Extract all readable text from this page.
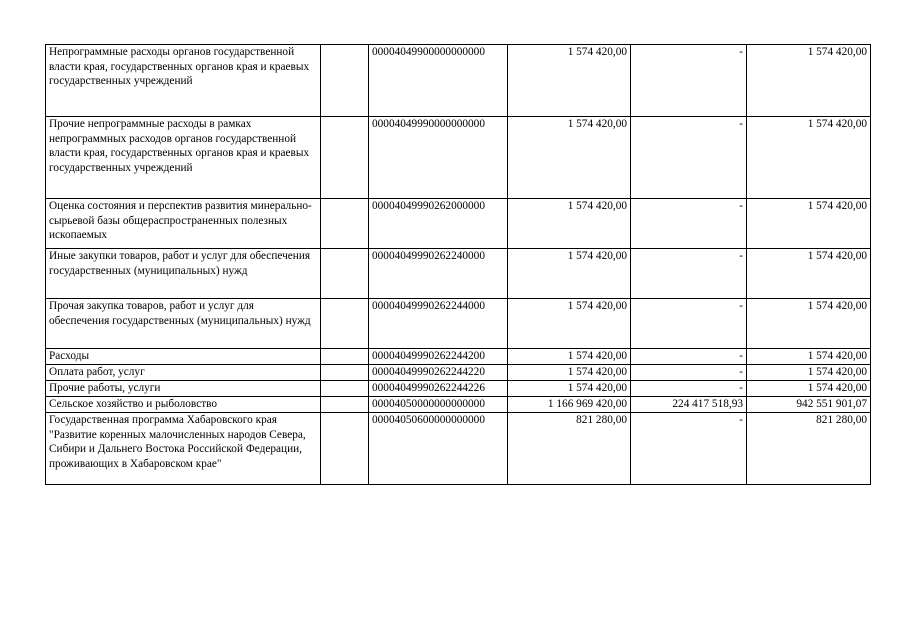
Непрограммные расходы органов государственной власти края, государственных органов края и краевых государственных учреждений		00004049900000000000	1 574 420,00	-	1 574 420,00
Прочие непрограммные расходы в рамках непрограммных расходов органов государственной власти края, государственных органов края и краевых государственных учреждений		00004049990000000000	1 574 420,00	-	1 574 420,00
Оценка состояния и перспектив развития минерально-сырьевой базы общераспространенных полезных ископаемых		00004049990262000000	1 574 420,00	-	1 574 420,00
Иные закупки товаров, работ и услуг для обеспечения государственных (муниципальных) нужд		00004049990262240000	1 574 420,00	-	1 574 420,00
Прочая закупка товаров, работ и услуг для обеспечения государственных (муниципальных) нужд		00004049990262244000	1 574 420,00	-	1 574 420,00
Расходы		00004049990262244200	1 574 420,00	-	1 574 420,00
Оплата работ, услуг		00004049990262244220	1 574 420,00	-	1 574 420,00
Прочие работы, услуги		00004049990262244226	1 574 420,00	-	1 574 420,00
Сельское хозяйство и рыболовство		00004050000000000000	1 166 969 420,00	224 417 518,93	942 551 901,07
Государственная программа Хабаровского края "Развитие коренных малочисленных народов Севера, Сибири и Дальнего Востока Российской Федерации, проживающих в Хабаровском крае"		00004050600000000000	821 280,00	-	821 280,00
